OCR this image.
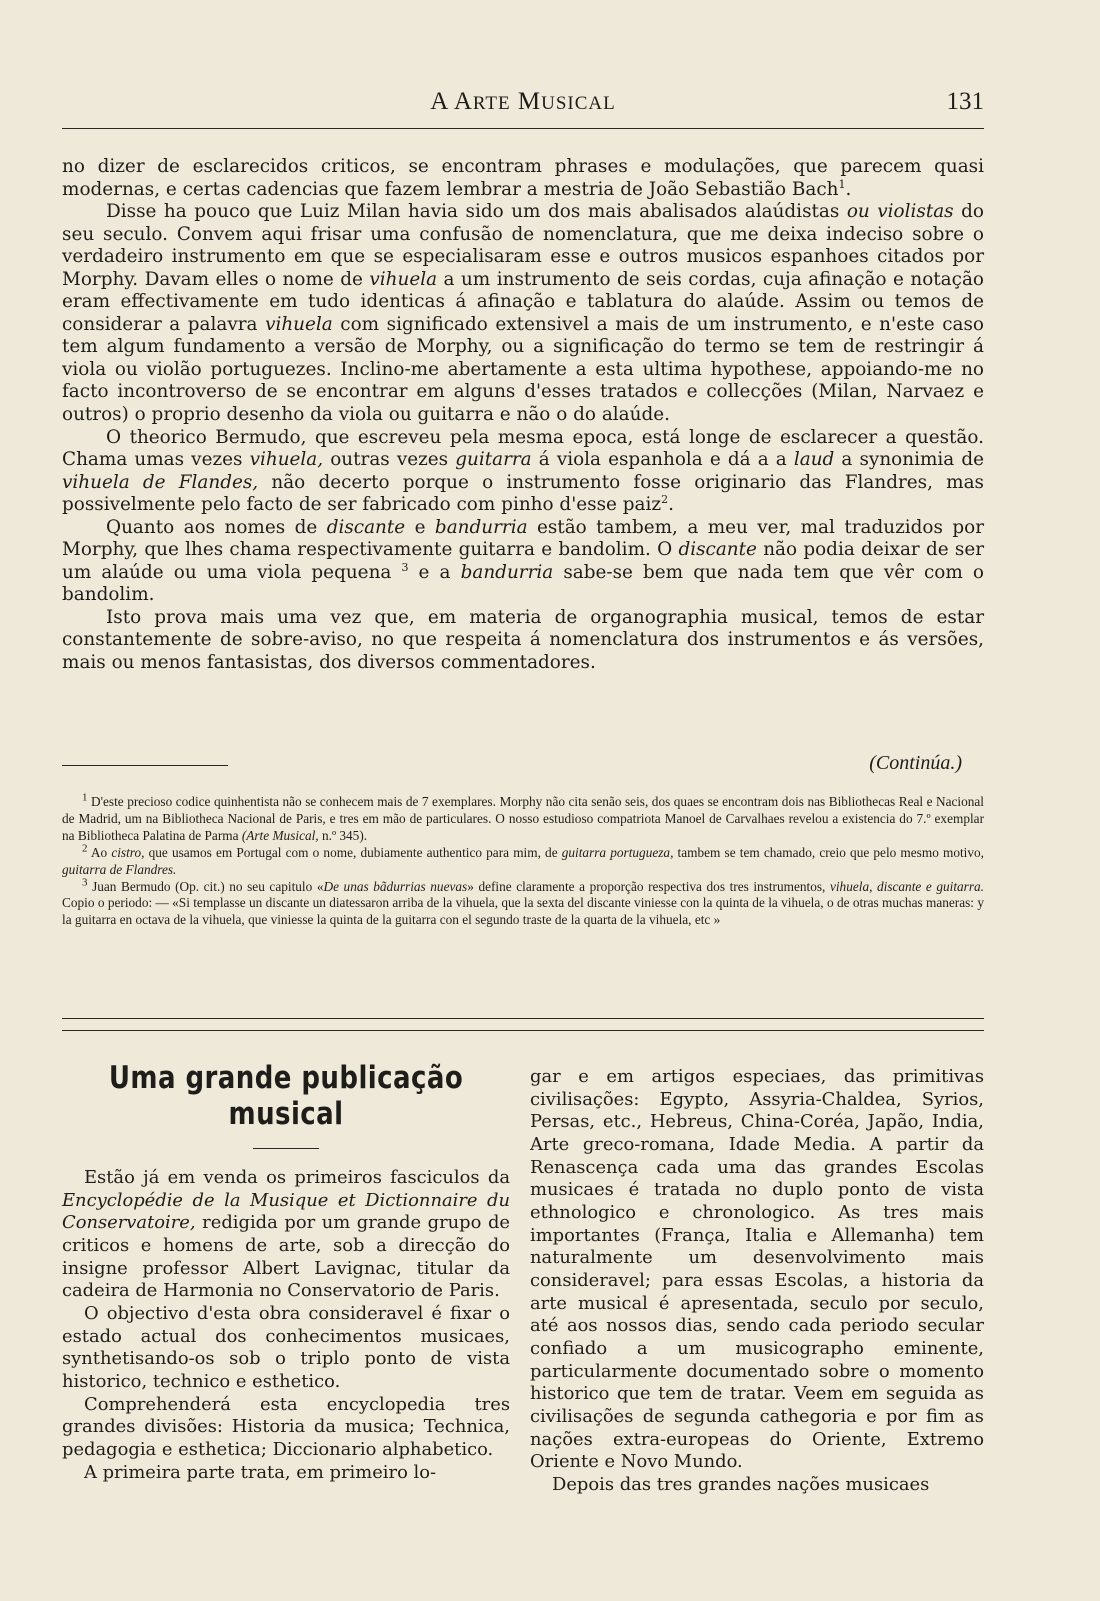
A ARTE MUSICAL	131

no dizer de esclarecidos criticos, se encontram phrases e modulações, que parecem quasi modernas, e certas cadencias que fazem lembrar a mestria de João Sebastião Bach$^1$.

Disse ha pouco que Luiz Milan havia sido um dos mais abalisados alaúdistas ou violistas do seu seculo. Convem aqui frisar uma confusão de nomenclatura, que me deixa indeciso sobre o verdadeiro instrumento em que se especialisaram esse e outros musicos espanhoes citados por Morphy. Davam elles o nome de vihuela a um instrumento de seis cordas, cuja afinação e notação eram effectivamente em tudo identicas á afinação e tablatura do alaúde. Assim ou temos de considerar a palavra vihuela com significado extensivel a mais de um instrumento, e n'este caso tem algum fundamento a versão de Morphy, ou a significação do termo se tem de restringir á viola ou violão portuguezes. Inclino-me abertamente a esta ultima hypothese, appoiando-me no facto incontroverso de se encontrar em alguns d'esses tratados e collecções (Milan, Narvaez e outros) o proprio desenho da viola ou guitarra e não o do alaúde.

O theorico Bermudo, que escreveu pela mesma epoca, está longe de esclarecer a questão. Chama umas vezes vihuela, outras vezes guitarra á viola espanhola e dá a a laud a synonimia de vihuela de Flandes, não decerto porque o instrumento fosse originario das Flandres, mas possivelmente pelo facto de ser fabricado com pinho d'esse paiz$^2$.

Quanto aos nomes de discante e bandurria estão tambem, a meu ver, mal traduzidos por Morphy, que lhes chama respectivamente guitarra e bandolim. O discante não podia deixar de ser um alaúde ou uma viola pequena $^3$ e a bandurria sabe-se bem que nada tem que vêr com o bandolim.

Isto prova mais uma vez que, em materia de organographia musical, temos de estar constantemente de sobre-aviso, no que respeita á nomenclatura dos instrumentos e ás versões, mais ou menos fantasistas, dos diversos commentadores.

(Continúa.)

$^1$ D'este precioso codice quinhentista não se conhecem mais de 7 exemplares. Morphy não cita senão seis, dos quaes se encontram dois nas Bibliothecas Real e Nacional de Madrid, um na Bibliotheca Nacional de Paris, e tres em mão de particulares. O nosso estudioso compatriota Manoel de Carvalhaes revelou a existencia do 7.º exemplar na Bibliotheca Palatina de Parma (Arte Musical, n.º 345).

$^2$ Ao cistro, que usamos em Portugal com o nome, dubiamente authentico para mim, de guitarra portugueza, tambem se tem chamado, creio que pelo mesmo motivo, guitarra de Flandres.

$^3$ Juan Bermudo (Op. cit.) no seu capitulo «De unas bãdurrias nuevas» define claramente a proporção respectiva dos tres instrumentos, vihuela, discante e guitarra. Copio o periodo: — «Si templasse un discante un diatessaron arriba de la vihuela, que la sexta del discante viniesse con la quinta de la vihuela, o de otras muchas maneras: y la guitarra en octava de la vihuela, que viniesse la quinta de la guitarra con el segundo traste de la quarta de la vihuela, etc »

Uma grande publicação musical

Estão já em venda os primeiros fasciculos da Encyclopédie de la Musique et Dictionnaire du Conservatoire, redigida por um grande grupo de criticos e homens de arte, sob a direcção do insigne professor Albert Lavignac, titular da cadeira de Harmonia no Conservatorio de Paris.

O objectivo d'esta obra consideravel é fixar o estado actual dos conhecimentos musicaes, synthetisando-os sob o triplo ponto de vista historico, technico e esthetico.

Comprehenderá esta encyclopedia tres grandes divisões: Historia da musica; Technica, pedagogia e esthetica; Diccionario alphabetico.

A primeira parte trata, em primeiro lo-

gar e em artigos especiaes, das primitivas civilisações: Egypto, Assyria-Chaldea, Syrios, Persas, etc., Hebreus, China-Coréa, Japão, India, Arte greco-romana, Idade Media. A partir da Renascença cada uma das grandes Escolas musicaes é tratada no duplo ponto de vista ethnologico e chronologico. As tres mais importantes (França, Italia e Allemanha) tem naturalmente um desenvolvimento mais consideravel; para essas Escolas, a historia da arte musical é apresentada, seculo por seculo, até aos nossos dias, sendo cada periodo secular confiado a um musicographo eminente, particularmente documentado sobre o momento historico que tem de tratar. Veem em seguida as civilisações de segunda cathegoria e por fim as nações extra-europeas do Oriente, Extremo Oriente e Novo Mundo.

Depois das tres grandes nações musicaes
